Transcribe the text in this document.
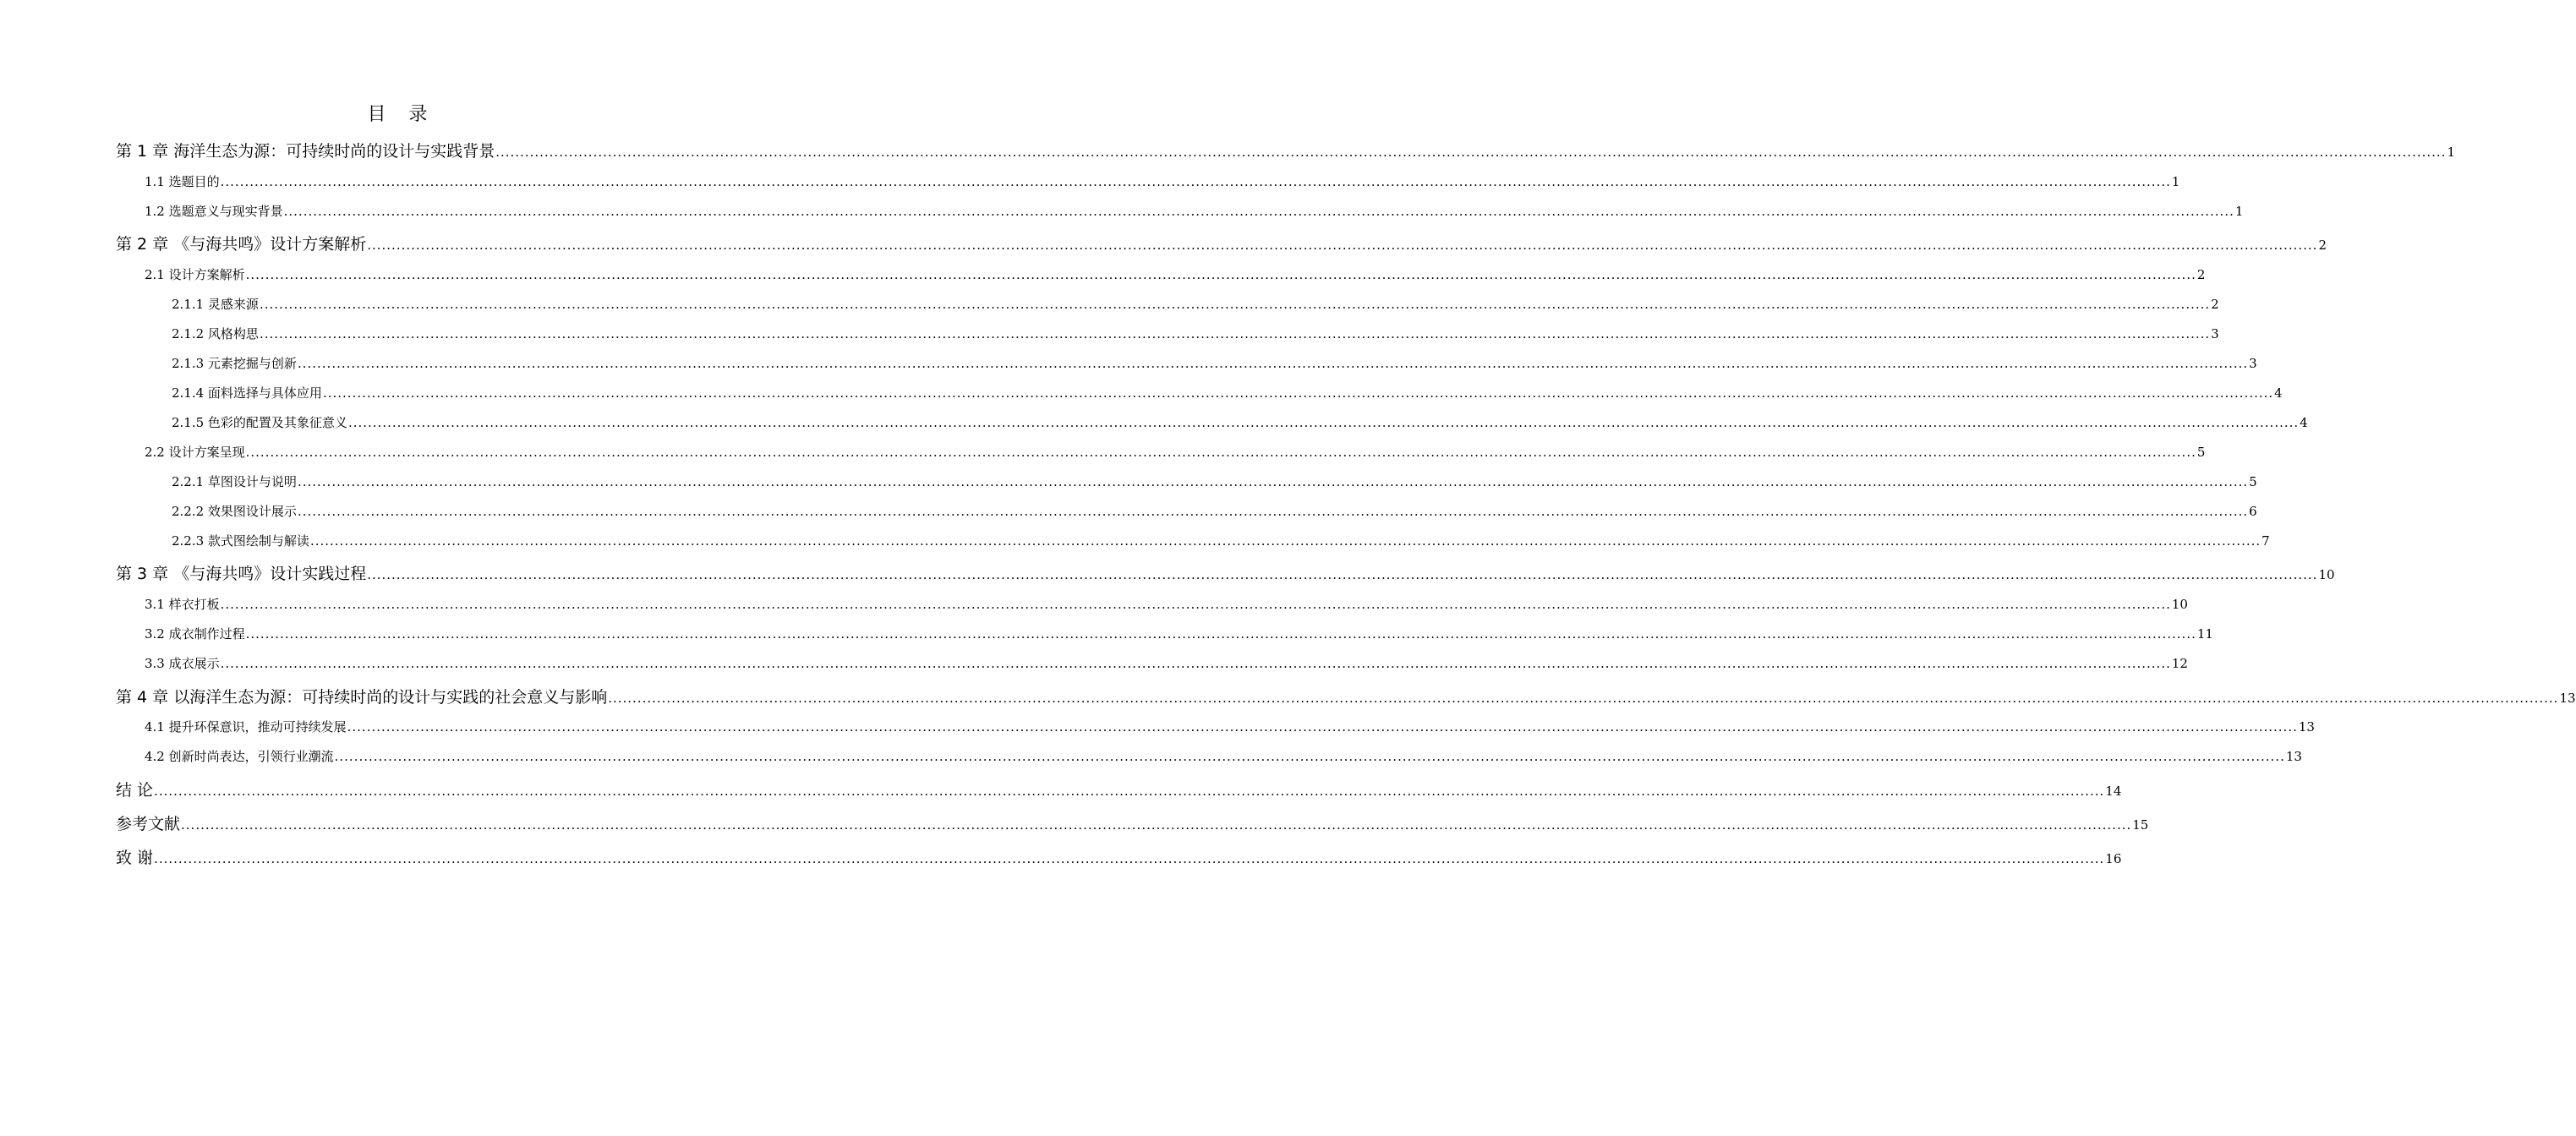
目 录
第 1 章 海洋生态为源：可持续时尚的设计与实践背景 ................................................................................................................................................................................................................................................................................................................................................................................................................ 1
1.1 选题目的 ................................................................................................................................................................................................................................................................................................................................................................................................................ 1
1.2 选题意义与现实背景 ................................................................................................................................................................................................................................................................................................................................................................................................................ 1
第 2 章 《与海共鸣》设计方案解析 ................................................................................................................................................................................................................................................................................................................................................................................................................ 2
2.1 设计方案解析 ................................................................................................................................................................................................................................................................................................................................................................................................................ 2
2.1.1 灵感来源 ................................................................................................................................................................................................................................................................................................................................................................................................................ 2
2.1.2 风格构思 ................................................................................................................................................................................................................................................................................................................................................................................................................ 3
2.1.3 元素挖掘与创新 ................................................................................................................................................................................................................................................................................................................................................................................................................ 3
2.1.4 面料选择与具体应用 ................................................................................................................................................................................................................................................................................................................................................................................................................ 4
2.1.5 色彩的配置及其象征意义 ................................................................................................................................................................................................................................................................................................................................................................................................................ 4
2.2 设计方案呈现 ................................................................................................................................................................................................................................................................................................................................................................................................................ 5
2.2.1 草图设计与说明 ................................................................................................................................................................................................................................................................................................................................................................................................................ 5
2.2.2 效果图设计展示 ................................................................................................................................................................................................................................................................................................................................................................................................................ 6
2.2.3 款式图绘制与解读 ................................................................................................................................................................................................................................................................................................................................................................................................................ 7
第 3 章 《与海共鸣》设计实践过程 ................................................................................................................................................................................................................................................................................................................................................................................................................ 10
3.1 样衣打板 ................................................................................................................................................................................................................................................................................................................................................................................................................ 10
3.2 成衣制作过程 ................................................................................................................................................................................................................................................................................................................................................................................................................ 11
3.3 成衣展示 ................................................................................................................................................................................................................................................................................................................................................................................................................ 12
第 4 章 以海洋生态为源：可持续时尚的设计与实践的社会意义与影响 ................................................................................................................................................................................................................................................................................................................................................................................................................ 13
4.1 提升环保意识，推动可持续发展 ................................................................................................................................................................................................................................................................................................................................................................................................................ 13
4.2 创新时尚表达，引领行业潮流 ................................................................................................................................................................................................................................................................................................................................................................................................................ 13
结 论 ................................................................................................................................................................................................................................................................................................................................................................................................................ 14
参考文献 ................................................................................................................................................................................................................................................................................................................................................................................................................ 15
致 谢 ................................................................................................................................................................................................................................................................................................................................................................................................................ 16
